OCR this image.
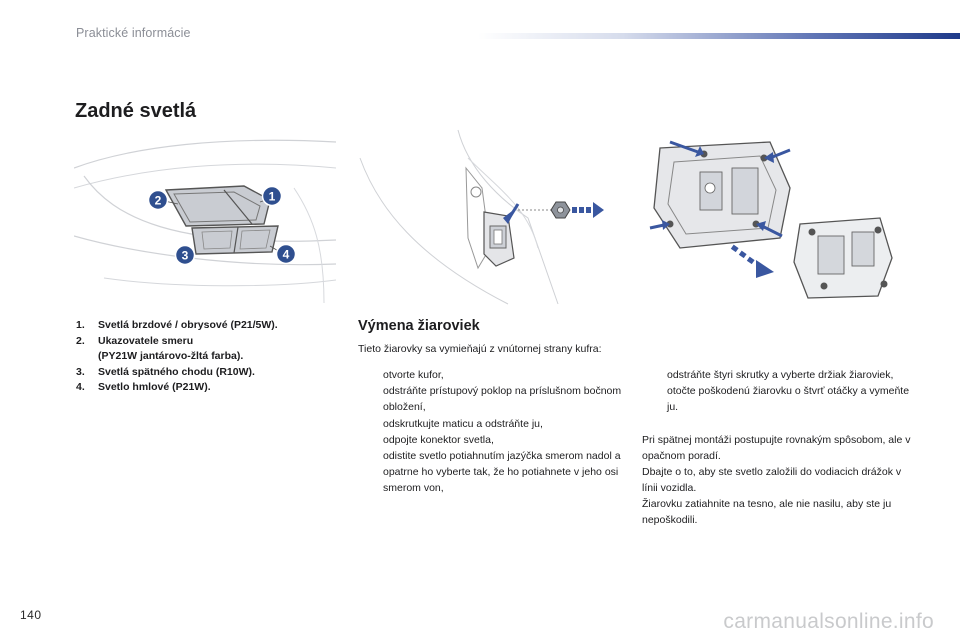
Praktické informácie
Zadné svetlá
1
2
3	4
1.	Svetlá brzdové / obrysové (P21/5W).
2.	Ukazovatele smeru
(PY21W jantárovo-žltá farba).
3.	Svetlá spätného chodu (R10W).
4.	Svetlo hmlové (P21W).
Výmena žiaroviek
Tieto žiarovky sa vymieňajú z vnútornej strany kufra:
otvorte kufor,
odstráňte prístupový poklop na príslušnom bočnom obložení,
odskrutkujte maticu a odstráňte ju,
odpojte konektor svetla,
odistite svetlo potiahnutím jazýčka smerom nadol a opatrne ho vyberte tak, že ho potiahnete v jeho osi smerom von,
odstráňte štyri skrutky a vyberte držiak žiaroviek,
otočte poškodenú žiarovku o štvrť otáčky a vymeňte ju.

Pri spätnej montáži postupujte rovnakým spôsobom, ale v opačnom poradí.

Dbajte o to, aby ste svetlo založili do vodiacich drážok v línii vozidla.

Žiarovku zatiahnite na tesno, ale nie nasilu, aby ste ju nepoškodili.

140	carmanualsonline.info
